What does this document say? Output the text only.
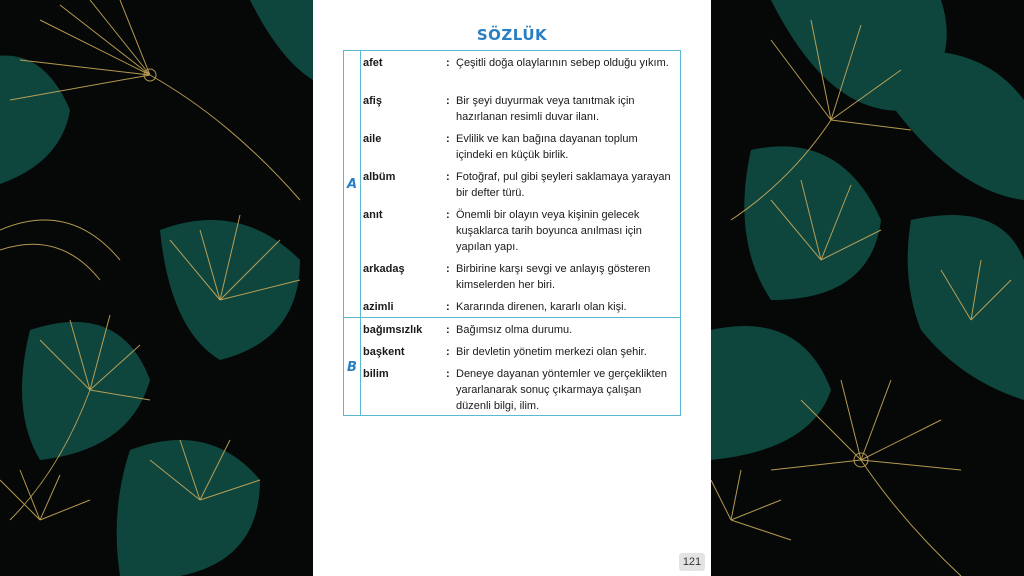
SÖZLÜK
A
afet	: Çeşitli doğa olaylarının sebep olduğu yıkım.
afiş	: Bir şeyi duyurmak veya tanıtmak için hazırlanan resimli duvar ilanı.
aile	: Evlilik ve kan bağına dayanan toplum içindeki en küçük birlik.
albüm	: Fotoğraf, pul gibi şeyleri saklamaya yarayan bir defter türü.
anıt	: Önemli bir olayın veya kişinin gelecek kuşaklarca tarih boyunca anılması için yapılan yapı.
arkadaş	: Birbirine karşı sevgi ve anlayış gösteren kimselerden her biri.
azimli	: Kararında direnen, kararlı olan kişi.
B
bağımsızlık	: Bağımsız olma durumu.
başkent	: Bir devletin yönetim merkezi olan şehir.
bilim	: Deneye dayanan yöntemler ve gerçeklikten yararlanarak sonuç çıkarmaya çalışan düzenli bilgi, ilim.
121
